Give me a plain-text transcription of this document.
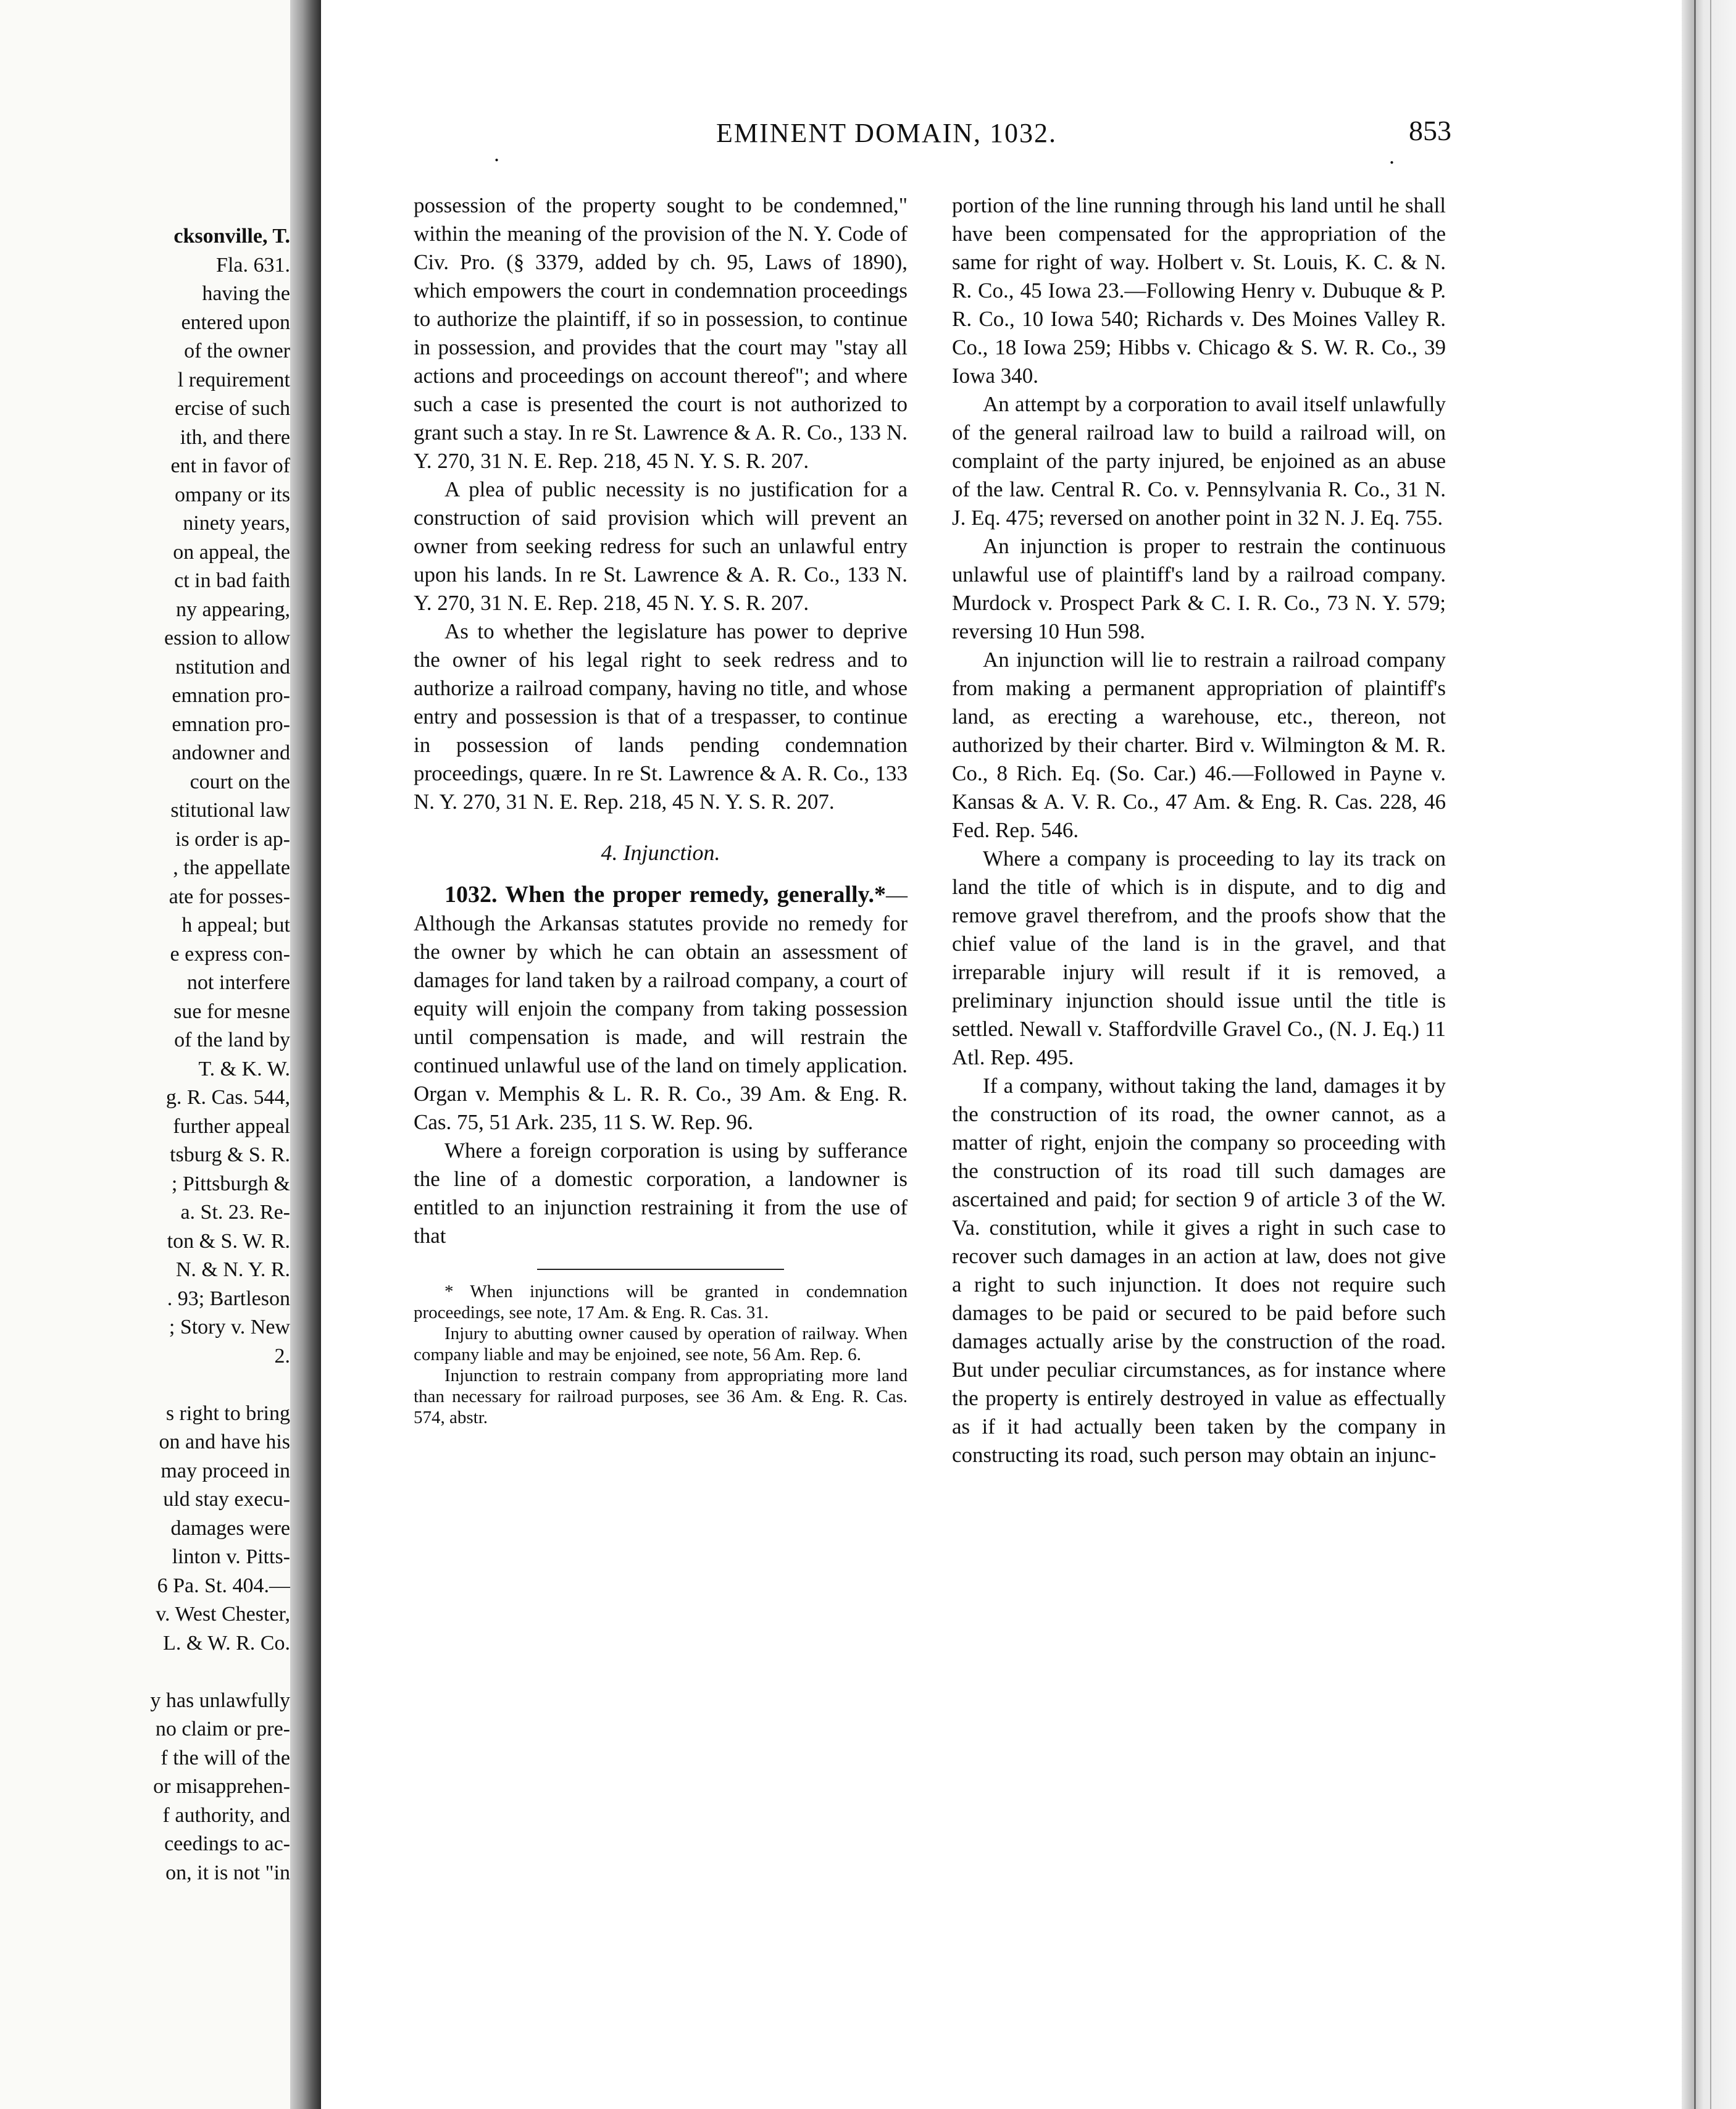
cksonville, T.
Fla. 631.
having the
entered upon
of the owner
l requirement
ercise of such
ith, and there
ent in favor of
ompany or its
ninety years,
on appeal, the
ct in bad faith
ny appearing,
ession to allow
nstitution and
emnation pro-
emnation pro-
andowner and
court on the
stitutional law
is order is ap-
, the appellate
ate for posses-
h appeal; but
e express con-
not interfere
sue for mesne
of the land by
T. & K. W.
g. R. Cas. 544,
further appeal
tsburg & S. R.
; Pittsburgh &
a. St. 23. Re-
ton & S. W. R.
N. & N. Y. R.
. 93; Bartleson
; Story v. New
2.

s right to bring
on and have his
may proceed in
uld stay execu-
damages were
linton v. Pitts-
6 Pa. St. 404.—
v. West Chester,
L. & W. R. Co.

y has unlawfully
no claim or pre-
f the will of the
or misapprehen-
f authority, and
ceedings to ac-
on, it is not "in
.
EMINENT DOMAIN, 1032.	853
.

possession of the property sought to be condemned," within the meaning of the provision of the N. Y. Code of Civ. Pro. (§ 3379, added by ch. 95, Laws of 1890), which empowers the court in condemnation proceedings to authorize the plaintiff, if so in possession, to continue in possession, and provides that the court may "stay all actions and proceedings on account thereof"; and where such a case is presented the court is not authorized to grant such a stay. In re St. Lawrence & A. R. Co., 133 N. Y. 270, 31 N. E. Rep. 218, 45 N. Y. S. R. 207.

A plea of public necessity is no justification for a construction of said provision which will prevent an owner from seeking redress for such an unlawful entry upon his lands. In re St. Lawrence & A. R. Co., 133 N. Y. 270, 31 N. E. Rep. 218, 45 N. Y. S. R. 207.

As to whether the legislature has power to deprive the owner of his legal right to seek redress and to authorize a railroad company, having no title, and whose entry and possession is that of a trespasser, to continue in possession of lands pending condemnation proceedings, quære. In re St. Lawrence & A. R. Co., 133 N. Y. 270, 31 N. E. Rep. 218, 45 N. Y. S. R. 207.

4. Injunction.

1032. When the proper remedy, generally.*—Although the Arkansas statutes provide no remedy for the owner by which he can obtain an assessment of damages for land taken by a railroad company, a court of equity will enjoin the company from taking possession until compensation is made, and will restrain the continued unlawful use of the land on timely application. Organ v. Memphis & L. R. R. Co., 39 Am. & Eng. R. Cas. 75, 51 Ark. 235, 11 S. W. Rep. 96.

Where a foreign corporation is using by sufferance the line of a domestic corporation, a landowner is entitled to an injunction restraining it from the use of that

* When injunctions will be granted in condemnation proceedings, see note, 17 Am. & Eng. R. Cas. 31.

Injury to abutting owner caused by operation of railway. When company liable and may be enjoined, see note, 56 Am. Rep. 6.

Injunction to restrain company from appropriating more land than necessary for railroad purposes, see 36 Am. & Eng. R. Cas. 574, abstr.

portion of the line running through his land until he shall have been compensated for the appropriation of the same for right of way. Holbert v. St. Louis, K. C. & N. R. Co., 45 Iowa 23.—Following Henry v. Dubuque & P. R. Co., 10 Iowa 540; Richards v. Des Moines Valley R. Co., 18 Iowa 259; Hibbs v. Chicago & S. W. R. Co., 39 Iowa 340.

An attempt by a corporation to avail itself unlawfully of the general railroad law to build a railroad will, on complaint of the party injured, be enjoined as an abuse of the law. Central R. Co. v. Pennsylvania R. Co., 31 N. J. Eq. 475; reversed on another point in 32 N. J. Eq. 755.

An injunction is proper to restrain the continuous unlawful use of plaintiff's land by a railroad company. Murdock v. Prospect Park & C. I. R. Co., 73 N. Y. 579; reversing 10 Hun 598.

An injunction will lie to restrain a railroad company from making a permanent appropriation of plaintiff's land, as erecting a warehouse, etc., thereon, not authorized by their charter. Bird v. Wilmington & M. R. Co., 8 Rich. Eq. (So. Car.) 46.—Followed in Payne v. Kansas & A. V. R. Co., 47 Am. & Eng. R. Cas. 228, 46 Fed. Rep. 546.

Where a company is proceeding to lay its track on land the title of which is in dispute, and to dig and remove gravel therefrom, and the proofs show that the chief value of the land is in the gravel, and that irreparable injury will result if it is removed, a preliminary injunction should issue until the title is settled. Newall v. Staffordville Gravel Co., (N. J. Eq.) 11 Atl. Rep. 495.

If a company, without taking the land, damages it by the construction of its road, the owner cannot, as a matter of right, enjoin the company so proceeding with the construction of its road till such damages are ascertained and paid; for section 9 of article 3 of the W. Va. constitution, while it gives a right in such case to recover such damages in an action at law, does not give a right to such injunction. It does not require such damages to be paid or secured to be paid before such damages actually arise by the construction of the road. But under peculiar circumstances, as for instance where the property is entirely destroyed in value as effectually as if it had actually been taken by the company in constructing its road, such person may obtain an injunc-
